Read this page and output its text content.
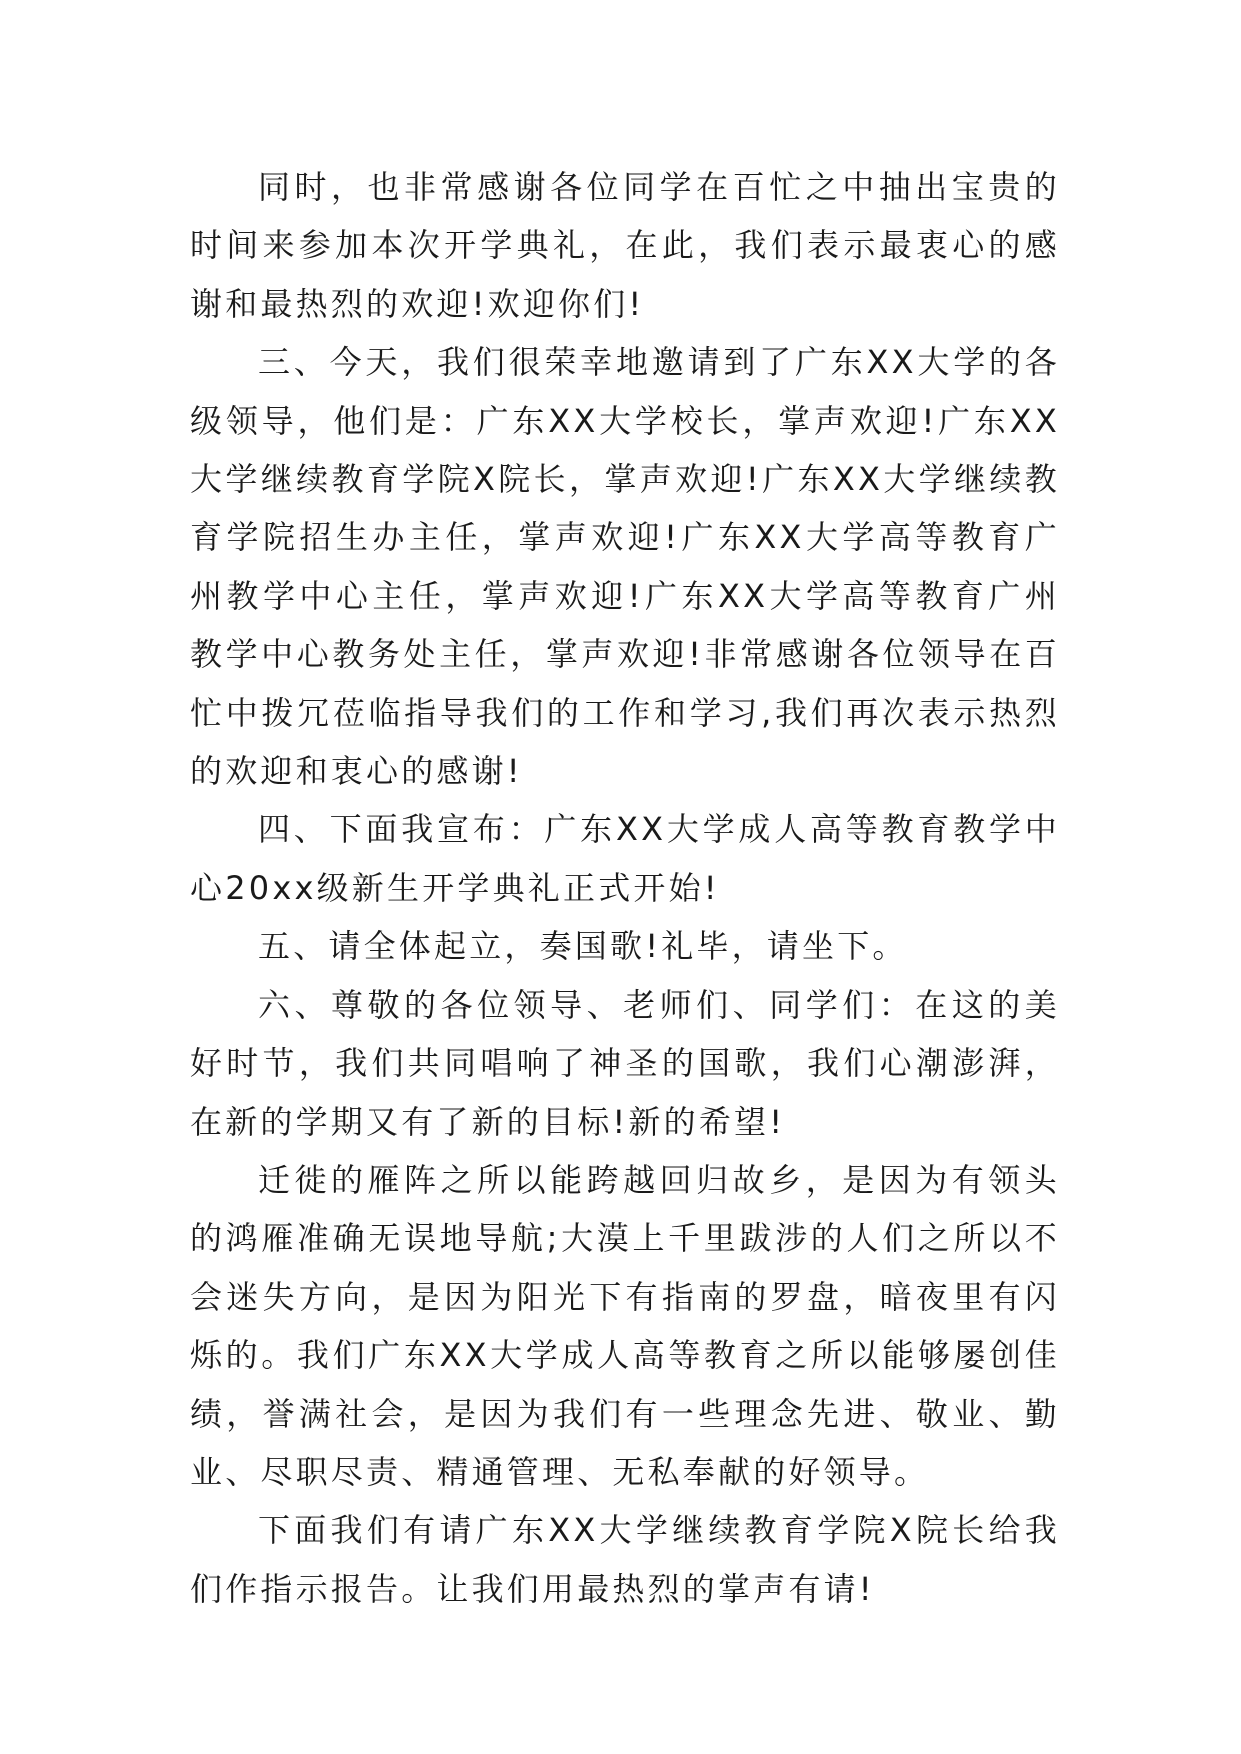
同时，也非常感谢各位同学在百忙之中抽出宝贵的时间来参加本次开学典礼，在此，我们表示最衷心的感谢和最热烈的欢迎!欢迎你们!

三、今天，我们很荣幸地邀请到了广东XX大学的各级领导，他们是：广东XX大学校长，掌声欢迎!广东XX大学继续教育学院X院长，掌声欢迎!广东XX大学继续教育学院招生办主任，掌声欢迎!广东XX大学高等教育广州教学中心主任，掌声欢迎!广东XX大学高等教育广州教学中心教务处主任，掌声欢迎!非常感谢各位领导在百忙中拨冗莅临指导我们的工作和学习,我们再次表示热烈的欢迎和衷心的感谢!

四、下面我宣布：广东XX大学成人高等教育教学中心20xx级新生开学典礼正式开始!

五、请全体起立，奏国歌!礼毕，请坐下。

六、尊敬的各位领导、老师们、同学们：在这的美好时节，我们共同唱响了神圣的国歌，我们心潮澎湃，在新的学期又有了新的目标!新的希望!

迁徙的雁阵之所以能跨越回归故乡，是因为有领头的鸿雁准确无误地导航;大漠上千里跋涉的人们之所以不会迷失方向，是因为阳光下有指南的罗盘，暗夜里有闪烁的。我们广东XX大学成人高等教育之所以能够屡创佳绩，誉满社会，是因为我们有一些理念先进、敬业、勤业、尽职尽责、精通管理、无私奉献的好领导。

下面我们有请广东XX大学继续教育学院X院长给我们作指示报告。让我们用最热烈的掌声有请!
